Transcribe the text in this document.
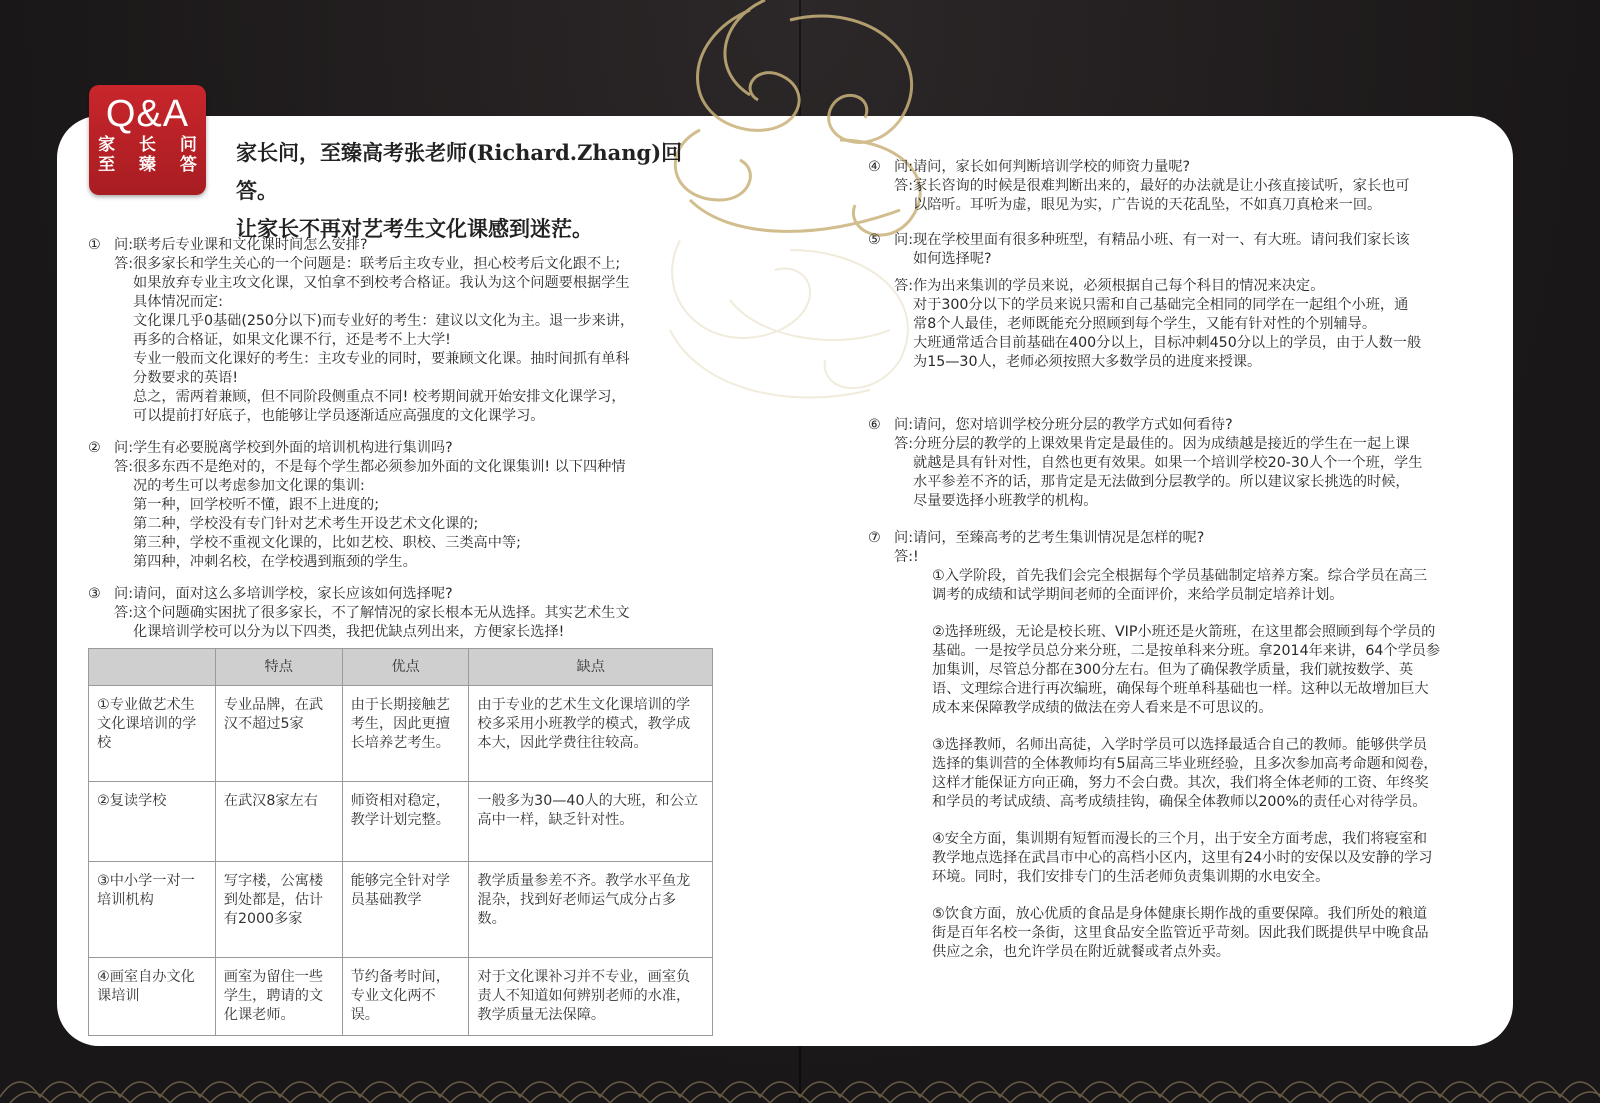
Q&A
家 长 问
至 臻 答 家长问，至臻高考张老师(Richard.Zhang)回答。
让家长不再对艺考生文化课感到迷茫。
① 问:联考后专业课和文化课时间怎么安排?
答:很多家长和学生关心的一个问题是：联考后主攻专业，担心校考后文化跟不上;
如果放弃专业主攻文化课，又怕拿不到校考合格证。我认为这个问题要根据学生
具体情况而定:
文化课几乎0基础(250分以下)而专业好的考生：建议以文化为主。退一步来讲，
再多的合格证，如果文化课不行，还是考不上大学!
专业一般而文化课好的考生：主攻专业的同时，要兼顾文化课。抽时间抓有单科
分数要求的英语!
总之，需两着兼顾，但不同阶段侧重点不同! 校考期间就开始安排文化课学习，
可以提前打好底子，也能够让学员逐渐适应高强度的文化课学习。
② 问:学生有必要脱离学校到外面的培训机构进行集训吗?
答:很多东西不是绝对的，不是每个学生都必须参加外面的文化课集训! 以下四种情
况的考生可以考虑参加文化课的集训:
第一种，回学校听不懂，跟不上进度的;
第二种，学校没有专门针对艺术考生开设艺术文化课的;
第三种，学校不重视文化课的，比如艺校、职校、三类高中等;
第四种，冲刺名校，在学校遇到瓶颈的学生。
③ 问:请问，面对这么多培训学校，家长应该如何选择呢?
答:这个问题确实困扰了很多家长，不了解情况的家长根本无从选择。其实艺术生文
化课培训学校可以分为以下四类，我把优缺点列出来，方便家长选择!
	特点	优点	缺点
①专业做艺术生文化课培训的学校	专业品牌，在武汉不超过5家	由于长期接触艺考生，因此更擅长培养艺考生。	由于专业的艺术生文化课培训的学校多采用小班教学的模式，教学成本大，因此学费往往较高。
②复读学校	在武汉8家左右	师资相对稳定，教学计划完整。	一般多为30—40人的大班，和公立高中一样，缺乏针对性。
③中小学一对一培训机构	写字楼，公寓楼到处都是，估计有2000多家	能够完全针对学员基础教学	教学质量参差不齐。教学水平鱼龙混杂，找到好老师运气成分占多数。
④画室自办文化课培训	画室为留住一些学生，聘请的文化课老师。	节约备考时间，专业文化两不误。	对于文化课补习并不专业，画室负责人不知道如何辨别老师的水准，教学质量无法保障。
④ 问:请问，家长如何判断培训学校的师资力量呢?
答:家长咨询的时候是很难判断出来的，最好的办法就是让小孩直接试听，家长也可
以陪听。耳听为虚，眼见为实，广告说的天花乱坠，不如真刀真枪来一回。
⑤ 问:现在学校里面有很多种班型，有精品小班、有一对一、有大班。请问我们家长该
如何选择呢?
答:作为出来集训的学员来说，必须根据自己每个科目的情况来决定。
对于300分以下的学员来说只需和自己基础完全相同的同学在一起组个小班，通
常8个人最佳，老师既能充分照顾到每个学生，又能有针对性的个别辅导。
大班通常适合目前基础在400分以上，目标冲刺450分以上的学员，由于人数一般
为15—30人，老师必须按照大多数学员的进度来授课。
⑥ 问:请问，您对培训学校分班分层的教学方式如何看待?
答:分班分层的教学的上课效果肯定是最佳的。因为成绩越是接近的学生在一起上课
就越是具有针对性，自然也更有效果。如果一个培训学校20-30人个一个班，学生
水平参差不齐的话，那肯定是无法做到分层教学的。所以建议家长挑选的时候，
尽量要选择小班教学的机构。
⑦ 问:请问，至臻高考的艺考生集训情况是怎样的呢?
答:!
①入学阶段，首先我们会完全根据每个学员基础制定培养方案。综合学员在高三
调考的成绩和试学期间老师的全面评价，来给学员制定培养计划。
②选择班级，无论是校长班、VIP小班还是火箭班，在这里都会照顾到每个学员的
基础。一是按学员总分来分班，二是按单科来分班。拿2014年来讲，64个学员参
加集训，尽管总分都在300分左右。但为了确保教学质量，我们就按数学、英
语、文理综合进行再次编班，确保每个班单科基础也一样。这种以无故增加巨大
成本来保障教学成绩的做法在旁人看来是不可思议的。
③选择教师，名师出高徒，入学时学员可以选择最适合自己的教师。能够供学员
选择的集训营的全体教师均有5届高三毕业班经验，且多次参加高考命题和阅卷，
这样才能保证方向正确，努力不会白费。其次，我们将全体老师的工资、年终奖
和学员的考试成绩、高考成绩挂钩，确保全体教师以200%的责任心对待学员。
④安全方面，集训期有短暂而漫长的三个月，出于安全方面考虑，我们将寝室和
教学地点选择在武昌市中心的高档小区内，这里有24小时的安保以及安静的学习
环境。同时，我们安排专门的生活老师负责集训期的水电安全。
⑤饮食方面，放心优质的食品是身体健康长期作战的重要保障。我们所处的粮道
街是百年名校一条街，这里食品安全监管近乎苛刻。因此我们既提供早中晚食品
供应之余，也允许学员在附近就餐或者点外卖。
